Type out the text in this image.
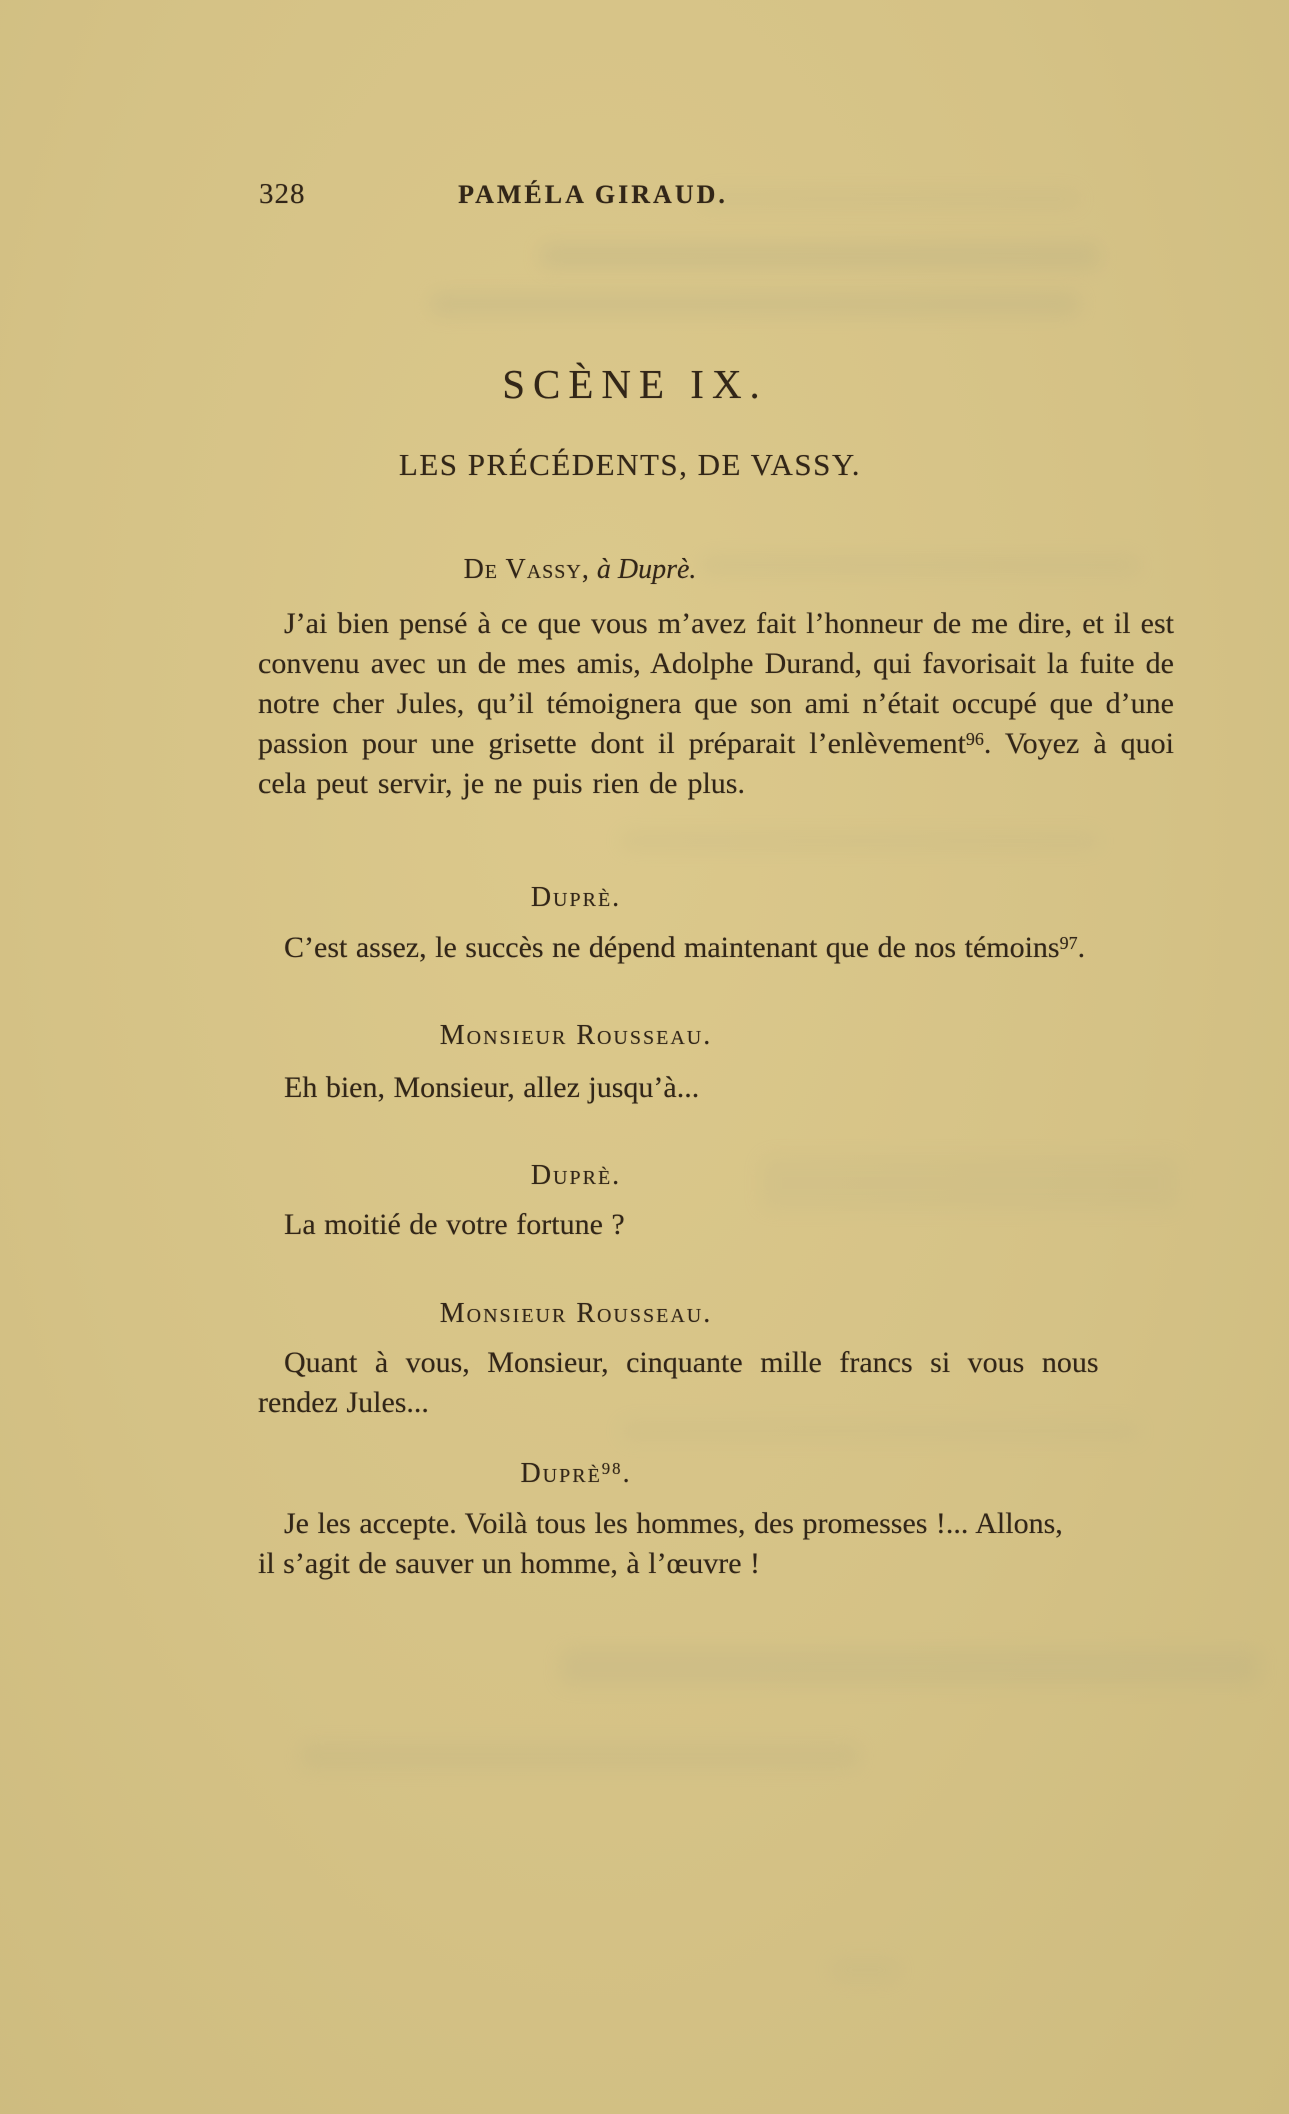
328	PAMÉLA GIRAUD.
SCÈNE IX.
LES PRÉCÉDENTS, DE VASSY.
De Vassy, à Duprè.

J’ai bien pensé à ce que vous m’avez fait l’honneur de me dire, et il est convenu avec un de mes amis, Adolphe Durand, qui favorisait la fuite de notre cher Jules, qu’il témoignera que son ami n’était occupé que d’une passion pour une grisette dont il préparait l’enlèvement$^{96}$. Voyez à quoi cela peut servir, je ne puis rien de plus.

Duprè.

C’est assez, le succès ne dépend maintenant que de nos témoins$^{97}$.

Monsieur Rousseau.

Eh bien, Monsieur, allez jusqu’à...

Duprè.

La moitié de votre fortune ?

Monsieur Rousseau.

Quant à vous, Monsieur, cinquante mille francs si vous nous
rendez Jules...

Duprè$^{98}$.

Je les accepte. Voilà tous les hommes, des promesses !... Allons,
il s’agit de sauver un homme, à l’œuvre !
